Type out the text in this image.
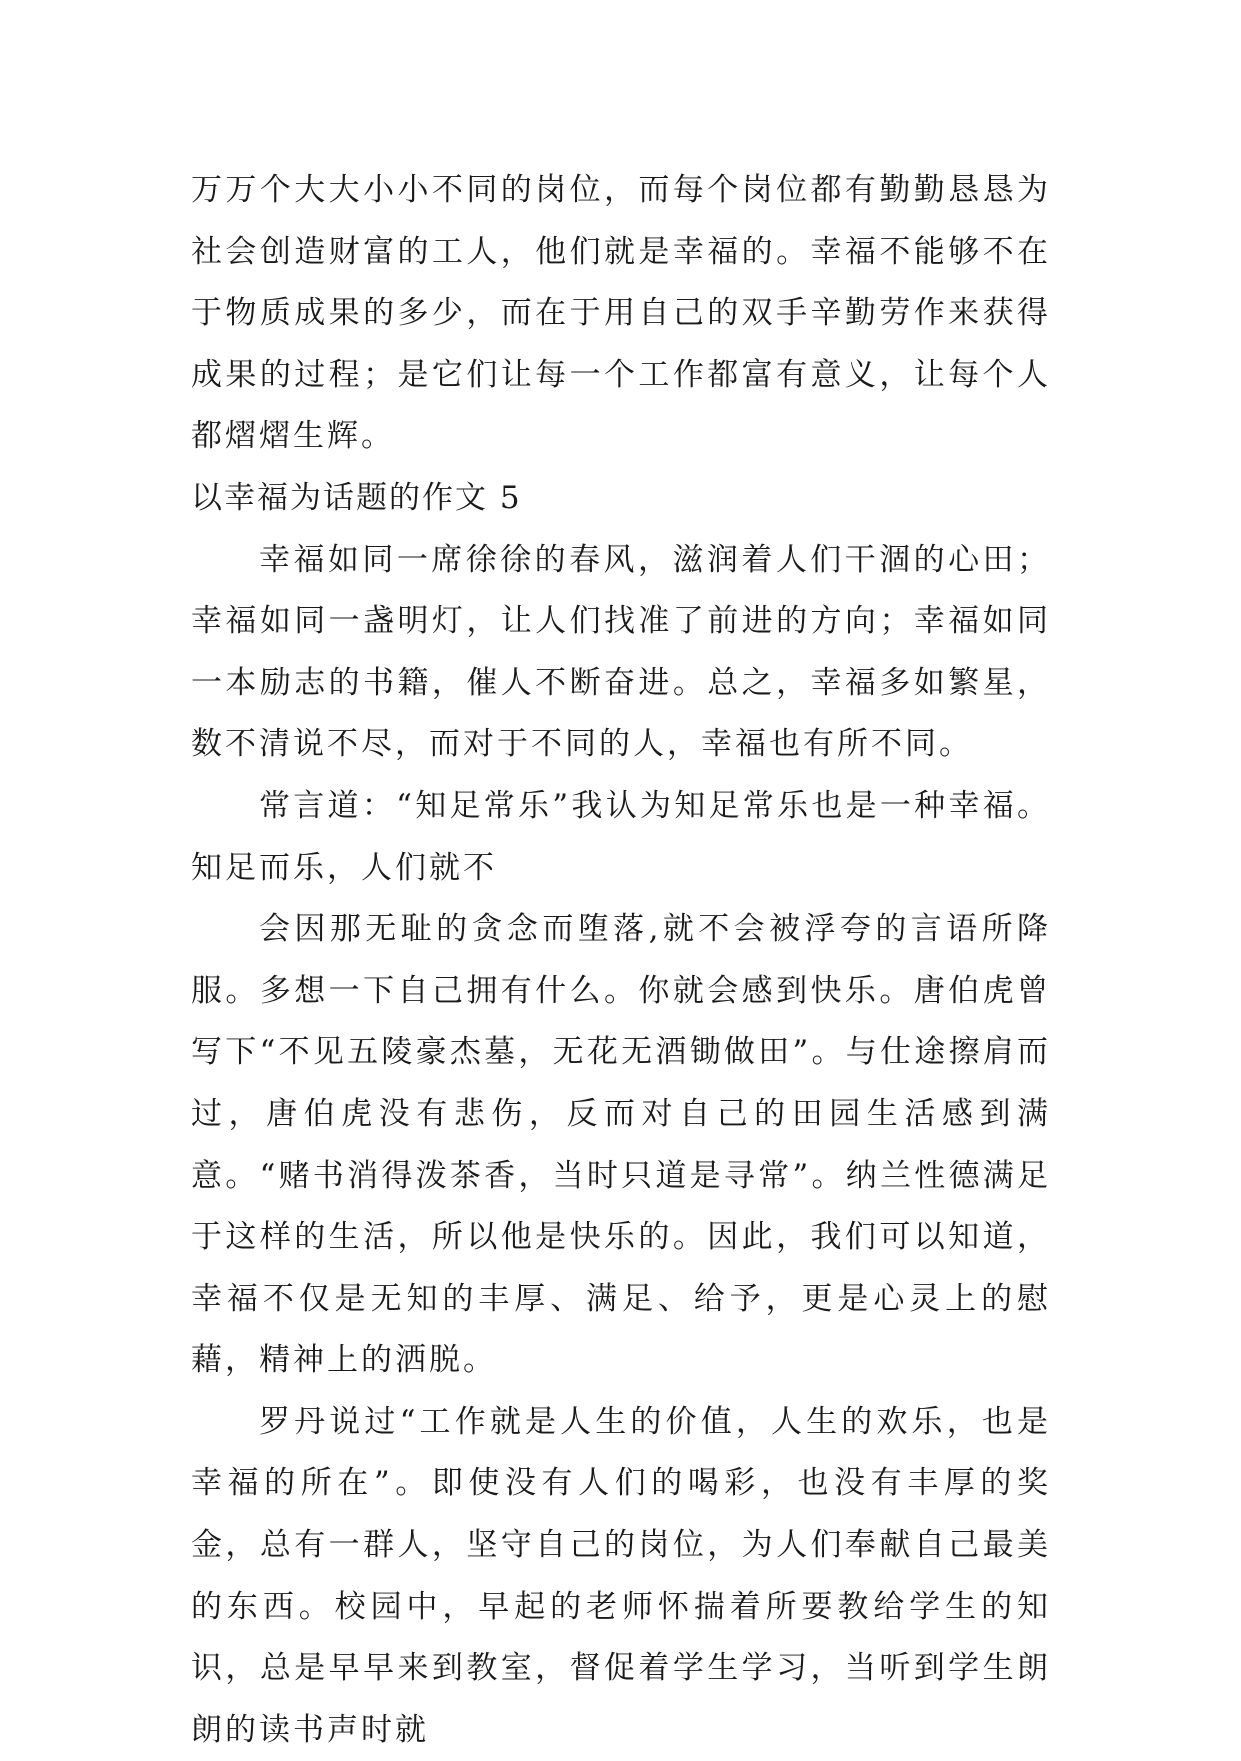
万万个大大小小不同的岗位，而每个岗位都有勤勤恳恳为社会创造财富的工人，他们就是幸福的。幸福不能够不在于物质成果的多少，而在于用自己的双手辛勤劳作来获得成果的过程；是它们让每一个工作都富有意义，让每个人都熠熠生辉。

以幸福为话题的作文 5

幸福如同一席徐徐的春风，滋润着人们干涸的心田；幸福如同一盏明灯，让人们找准了前进的方向；幸福如同一本励志的书籍，催人不断奋进。总之，幸福多如繁星，数不清说不尽，而对于不同的人，幸福也有所不同。

常言道：“知足常乐”我认为知足常乐也是一种幸福。知足而乐，人们就不

会因那无耻的贪念而堕落,就不会被浮夸的言语所降服。多想一下自己拥有什么。你就会感到快乐。唐伯虎曾写下“不见五陵豪杰墓，无花无酒锄做田”。与仕途擦肩而过，唐伯虎没有悲伤，反而对自己的田园生活感到满意。“赌书消得泼茶香，当时只道是寻常”。纳兰性德满足于这样的生活，所以他是快乐的。因此，我们可以知道，幸福不仅是无知的丰厚、满足、给予，更是心灵上的慰藉，精神上的洒脱。

罗丹说过“工作就是人生的价值，人生的欢乐，也是幸福的所在”。即使没有人们的喝彩，也没有丰厚的奖金，总有一群人，坚守自己的岗位，为人们奉献自己最美的东西。校园中，早起的老师怀揣着所要教给学生的知识，总是早早来到教室，督促着学生学习，当听到学生朗朗的读书声时就
